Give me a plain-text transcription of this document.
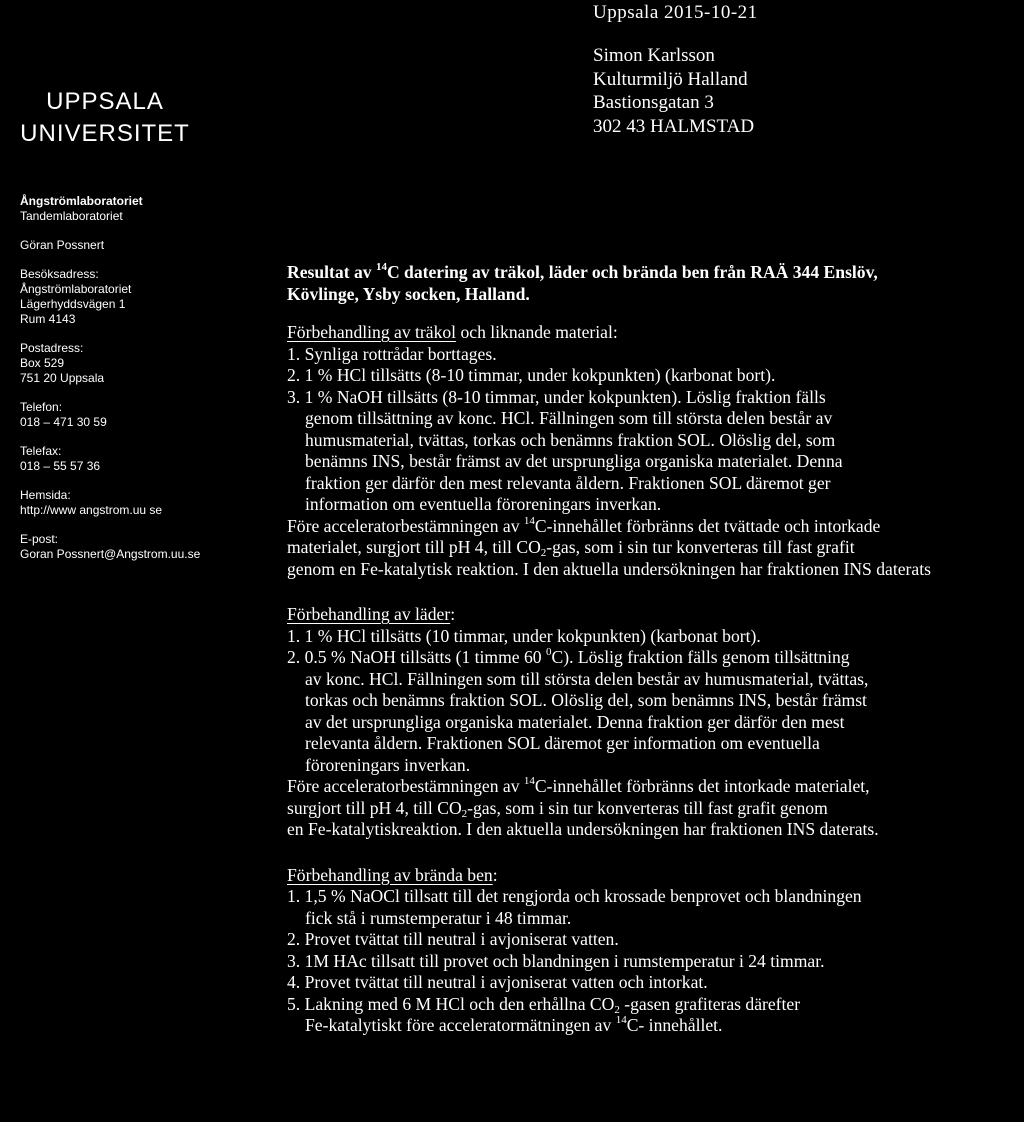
Uppsala 2015-10-21
Simon Karlsson
Kulturmiljö Halland
Bastionsgatan 3
302 43 HALMSTAD
UPPSALA
UNIVERSITET
Ångströmlaboratoriet
Tandemlaboratoriet
Göran Possnert
Besöksadress:
Ångströmlaboratoriet
Lägerhyddsvägen 1
Rum 4143
Postadress:
Box 529
751 20 Uppsala
Telefon:
018 – 471 30 59
Telefax:
018 – 55 57 36
Hemsida:
http://www angstrom.uu se
E-post:
Goran Possnert@Angstrom.uu.se
Resultat av $^{14}$C datering av träkol, läder och brända ben från RAÄ 344 Enslöv,
Kövlinge, Ysby socken, Halland.
Förbehandling av träkol och liknande material:
1. Synliga rottrådar borttages.
2. 1 % HCl tillsätts (8-10 timmar, under kokpunkten) (karbonat bort).
3. 1 % NaOH tillsätts (8-10 timmar, under kokpunkten). Löslig fraktion fälls
genom tillsättning av konc. HCl. Fällningen som till största delen består av
humusmaterial, tvättas, torkas och benämns fraktion SOL. Olöslig del, som
benämns INS, består främst av det ursprungliga organiska materialet. Denna
fraktion ger därför den mest relevanta åldern. Fraktionen SOL däremot ger
information om eventuella föroreningars inverkan.
Före acceleratorbestämningen av $^{14}$C-innehållet förbränns det tvättade och intorkade
materialet, surgjort till pH 4, till $CO_2$-gas, som i sin tur konverteras till fast grafit
genom en Fe-katalytisk reaktion. I den aktuella undersökningen har fraktionen INS daterats
Förbehandling av läder:
1. 1 % HCl tillsätts (10 timmar, under kokpunkten) (karbonat bort).
2. 0.5 % NaOH tillsätts (1 timme 60 $^0$C). Löslig fraktion fälls genom tillsättning
av konc. HCl. Fällningen som till största delen består av humusmaterial, tvättas,
torkas och benämns fraktion SOL. Olöslig del, som benämns INS, består främst
av det ursprungliga organiska materialet. Denna fraktion ger därför den mest
relevanta åldern. Fraktionen SOL däremot ger information om eventuella
föroreningars inverkan.
Före acceleratorbestämningen av $^{14}$C-innehållet förbränns det intorkade materialet,
surgjort till pH 4, till $CO_2$-gas, som i sin tur konverteras till fast grafit genom
en Fe-katalytiskreaktion. I den aktuella undersökningen har fraktionen INS daterats.
Förbehandling av brända ben:
1. 1,5 % NaOCl tillsatt till det rengjorda och krossade benprovet och blandningen
fick stå i rumstemperatur i 48 timmar.
2. Provet tvättat till neutral i avjoniserat vatten.
3. 1M HAc tillsatt till provet och blandningen i rumstemperatur i 24 timmar.
4. Provet tvättat till neutral i avjoniserat vatten och intorkat.
5. Lakning med 6 M HCl och den erhållna $CO_2$ -gasen grafiteras därefter
Fe-katalytiskt före acceleratormätningen av $^{14}$C- innehållet.
